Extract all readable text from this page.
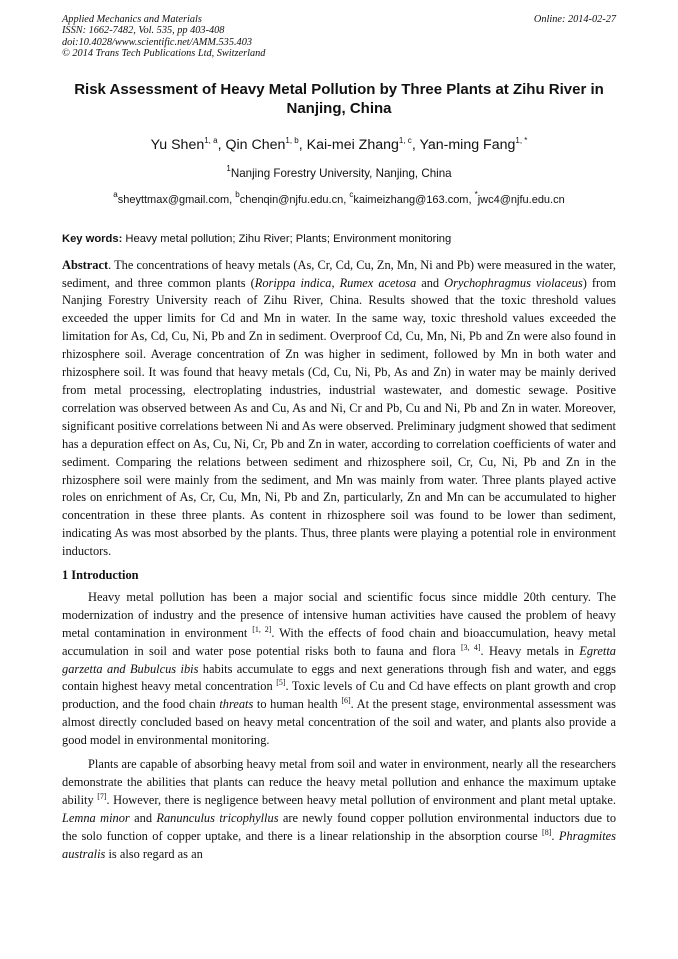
Applied Mechanics and Materials
ISSN: 1662-7482, Vol. 535, pp 403-408
doi:10.4028/www.scientific.net/AMM.535.403
© 2014 Trans Tech Publications Ltd, Switzerland
Online: 2014-02-27
Risk Assessment of Heavy Metal Pollution by Three Plants at Zihu River in Nanjing, China
Yu Shen$^{1, a}$, Qin Chen$^{1, b}$, Kai-mei Zhang$^{1, c}$, Yan-ming Fang$^{1, *}$
$^1$Nanjing Forestry University, Nanjing, China
$^a$sheyttmax@gmail.com, $^b$chenqin@njfu.edu.cn, $^c$kaimeizhang@163.com, *jwc4@njfu.edu.cn
Key words: Heavy metal pollution; Zihu River; Plants; Environment monitoring

Abstract. The concentrations of heavy metals (As, Cr, Cd, Cu, Zn, Mn, Ni and Pb) were measured in the water, sediment, and three common plants (Rorippa indica, Rumex acetosa and Orychophragmus violaceus) from Nanjing Forestry University reach of Zihu River, China. Results showed that the toxic threshold values exceeded the upper limits for Cd and Mn in water. In the same way, toxic threshold values exceeded the limitation for As, Cd, Cu, Ni, Pb and Zn in sediment. Overproof Cd, Cu, Mn, Ni, Pb and Zn were also found in rhizosphere soil. Average concentration of Zn was higher in sediment, followed by Mn in both water and rhizosphere soil. It was found that heavy metals (Cd, Cu, Ni, Pb, As and Zn) in water may be mainly derived from metal processing, electroplating industries, industrial wastewater, and domestic sewage. Positive correlation was observed between As and Cu, As and Ni, Cr and Pb, Cu and Ni, Pb and Zn in water. Moreover, significant positive correlations between Ni and As were observed. Preliminary judgment showed that sediment has a depuration effect on As, Cu, Ni, Cr, Pb and Zn in water, according to correlation coefficients of water and sediment. Comparing the relations between sediment and rhizosphere soil, Cr, Cu, Ni, Pb and Zn in the rhizosphere soil were mainly from the sediment, and Mn was mainly from water. Three plants played active roles on enrichment of As, Cr, Cu, Mn, Ni, Pb and Zn, particularly, Zn and Mn can be accumulated to higher concentration in these three plants. As content in rhizosphere soil was found to be lower than sediment, indicating As was most absorbed by the plants. Thus, three plants were playing a potential role in environment inductors.

1 Introduction

Heavy metal pollution has been a major social and scientific focus since middle 20th century. The modernization of industry and the presence of intensive human activities have caused the problem of heavy metal contamination in environment [1, 2]. With the effects of food chain and bioaccumulation, heavy metal accumulation in soil and water pose potential risks both to fauna and flora [3, 4]. Heavy metals in Egretta garzetta and Bubulcus ibis habits accumulate to eggs and next generations through fish and water, and eggs contain highest heavy metal concentration [5]. Toxic levels of Cu and Cd have effects on plant growth and crop production, and the food chain threats to human health [6]. At the present stage, environmental assessment was almost directly concluded based on heavy metal concentration of the soil and water, and plants also provide a good model in environmental monitoring.

Plants are capable of absorbing heavy metal from soil and water in environment, nearly all the researchers demonstrate the abilities that plants can reduce the heavy metal pollution and enhance the maximum uptake ability [7]. However, there is negligence between heavy metal pollution of environment and plant metal uptake. Lemna minor and Ranunculus tricophyllus are newly found copper pollution environmental inductors due to the solo function of copper uptake, and there is a linear relationship in the absorption course [8]. Phragmites australis is also regard as an
